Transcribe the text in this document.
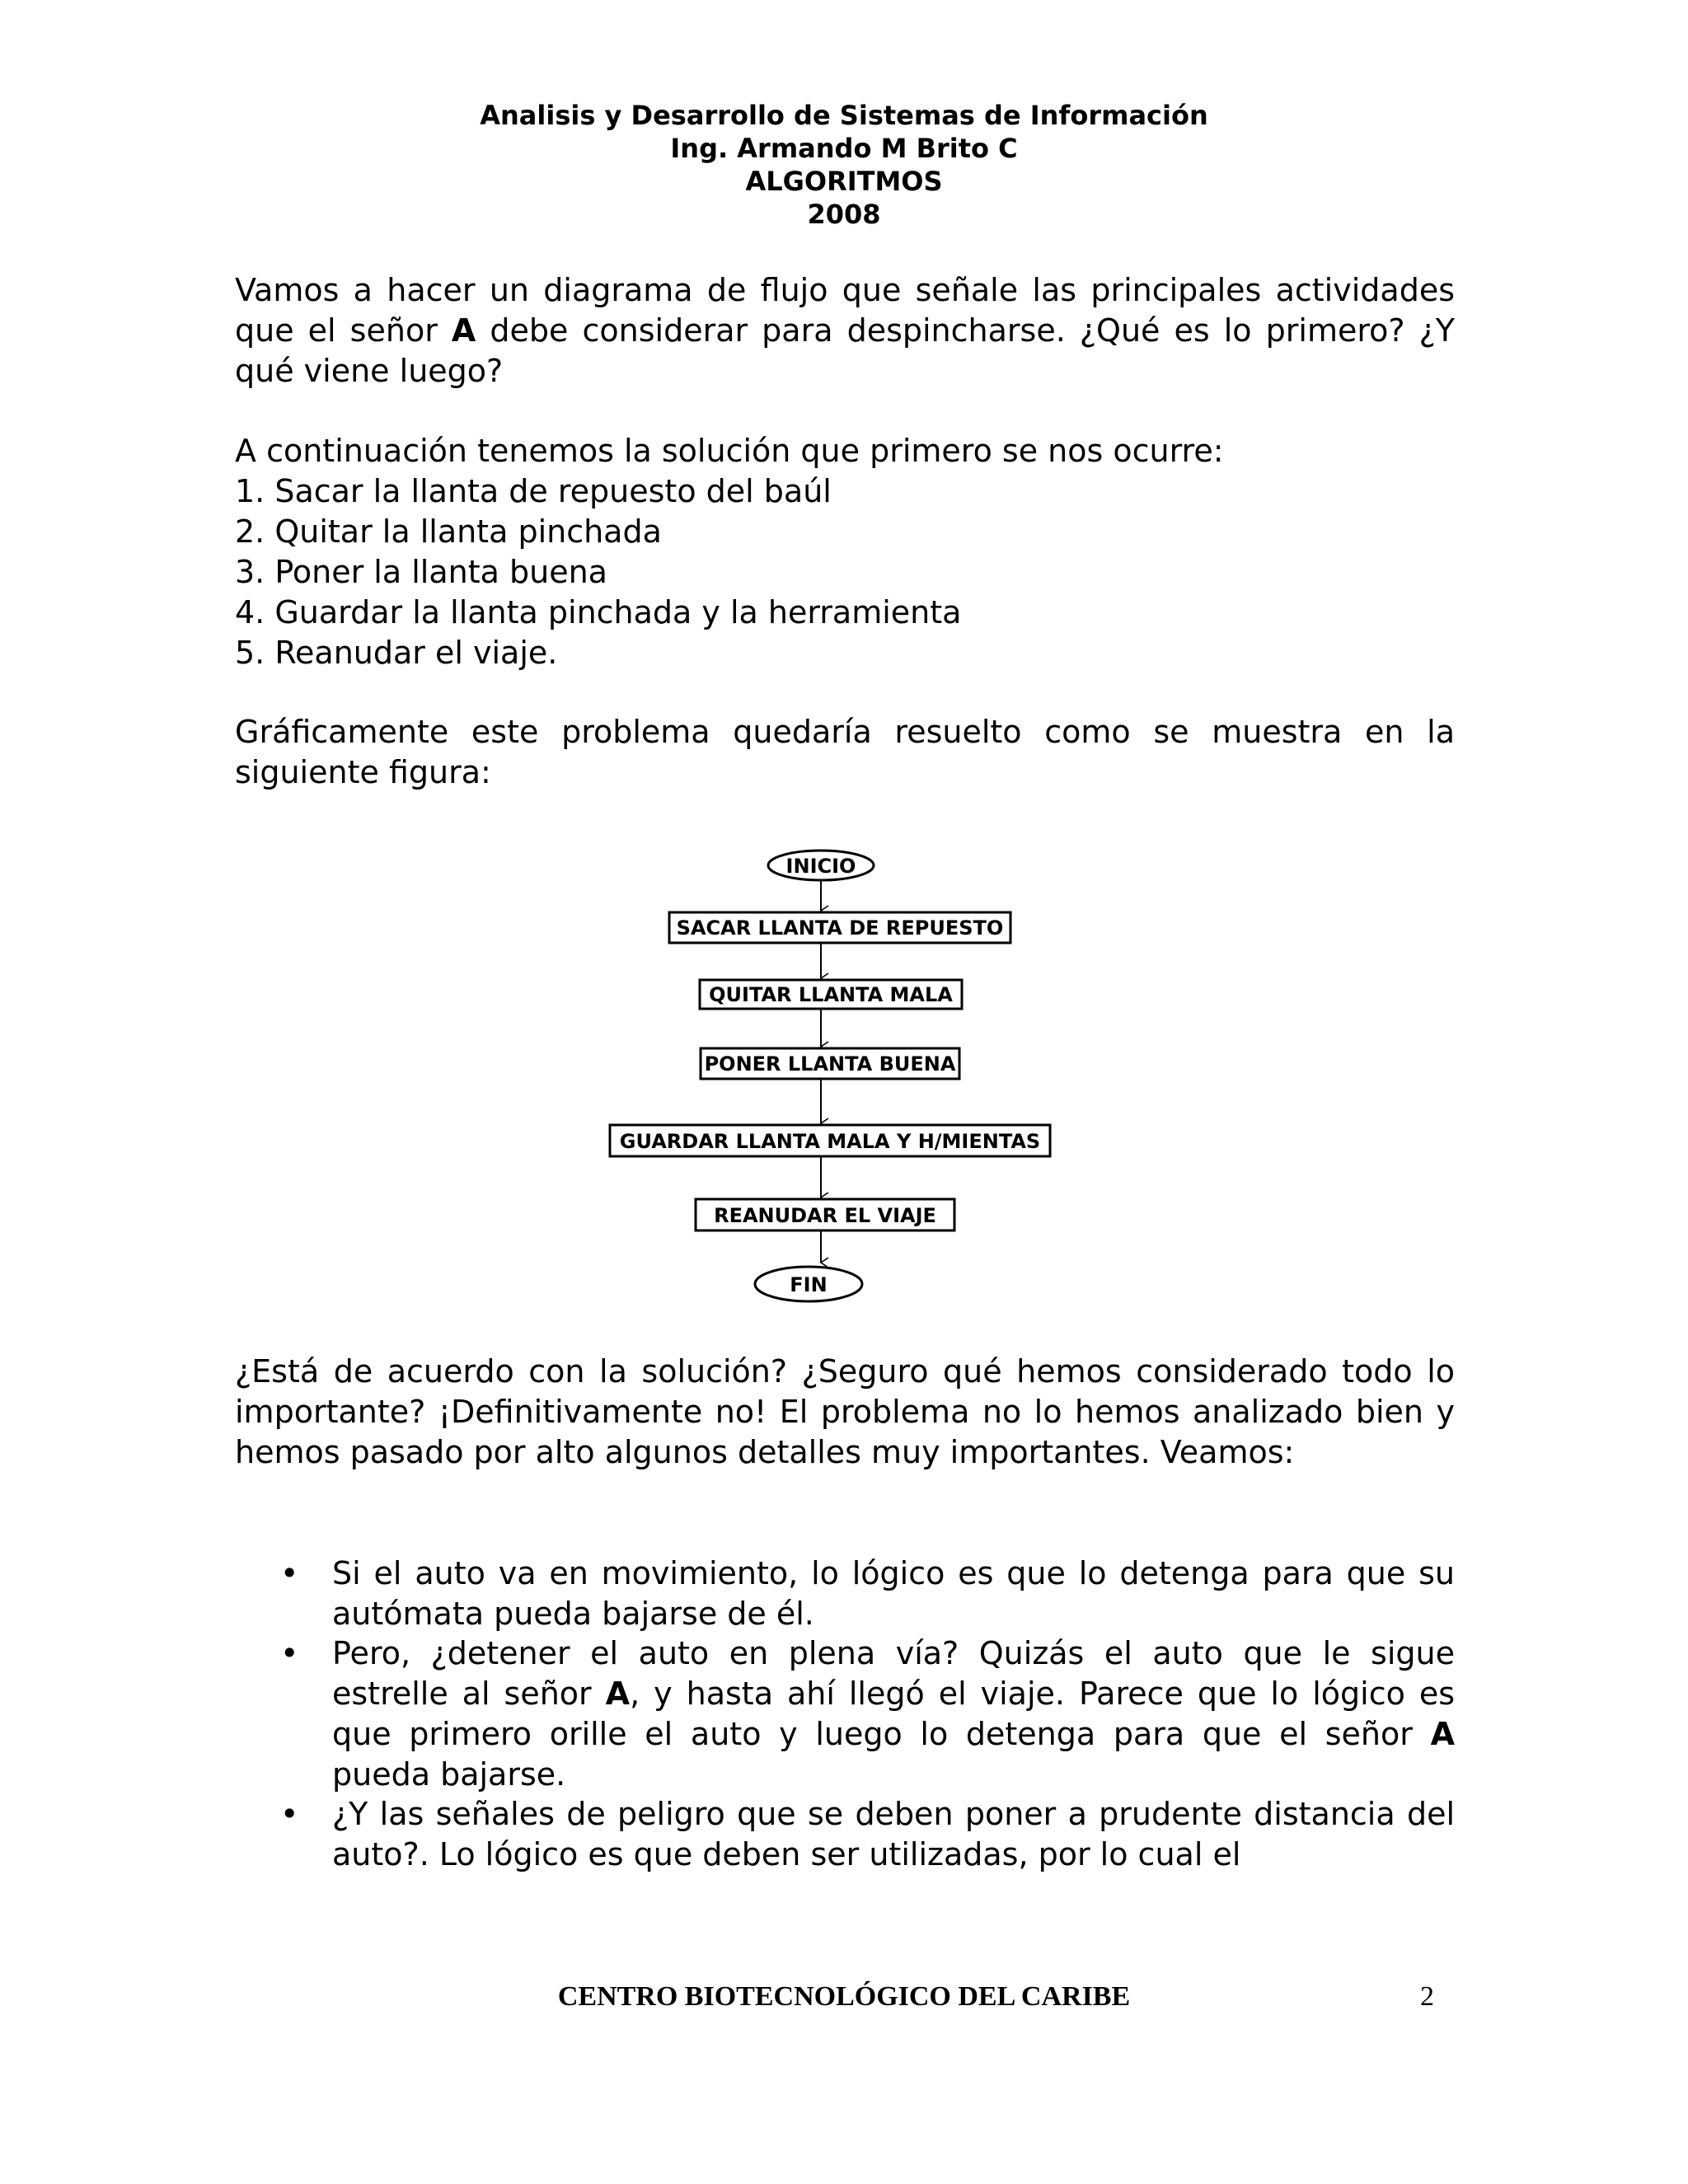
Analisis y Desarrollo de Sistemas de Información
Ing. Armando M Brito C
ALGORITMOS
2008

Vamos a hacer un diagrama de flujo que señale las principales actividades que el señor A debe considerar para despincharse. ¿Qué es lo primero? ¿Y qué viene luego?

A continuación tenemos la solución que primero se nos ocurre:
1. Sacar la llanta de repuesto del baúl
2. Quitar la llanta pinchada
3. Poner la llanta buena
4. Guardar la llanta pinchada y la herramienta
5. Reanudar el viaje.

Gráficamente este problema quedaría resuelto como se muestra en la siguiente figura:

INICIO
SACAR LLANTA DE REPUESTO
QUITAR LLANTA MALA
PONER LLANTA BUENA
GUARDAR LLANTA MALA Y H/MIENTAS
REANUDAR EL VIAJE
FIN

¿Está de acuerdo con la solución? ¿Seguro qué hemos considerado todo lo importante? ¡Definitivamente no! El problema no lo hemos analizado bien y hemos pasado por alto algunos detalles muy importantes. Veamos:

• Si el auto va en movimiento, lo lógico es que lo detenga para que su autómata pueda bajarse de él.
• Pero, ¿detener el auto en plena vía? Quizás el auto que le sigue estrelle al señor A, y hasta ahí llegó el viaje. Parece que lo lógico es que primero orille el auto y luego lo detenga para que el señor A pueda bajarse.
• ¿Y las señales de peligro que se deben poner a prudente distancia del auto?. Lo lógico es que deben ser utilizadas, por lo cual el
CENTRO BIOTECNOLÓGICO DEL CARIBE	2
